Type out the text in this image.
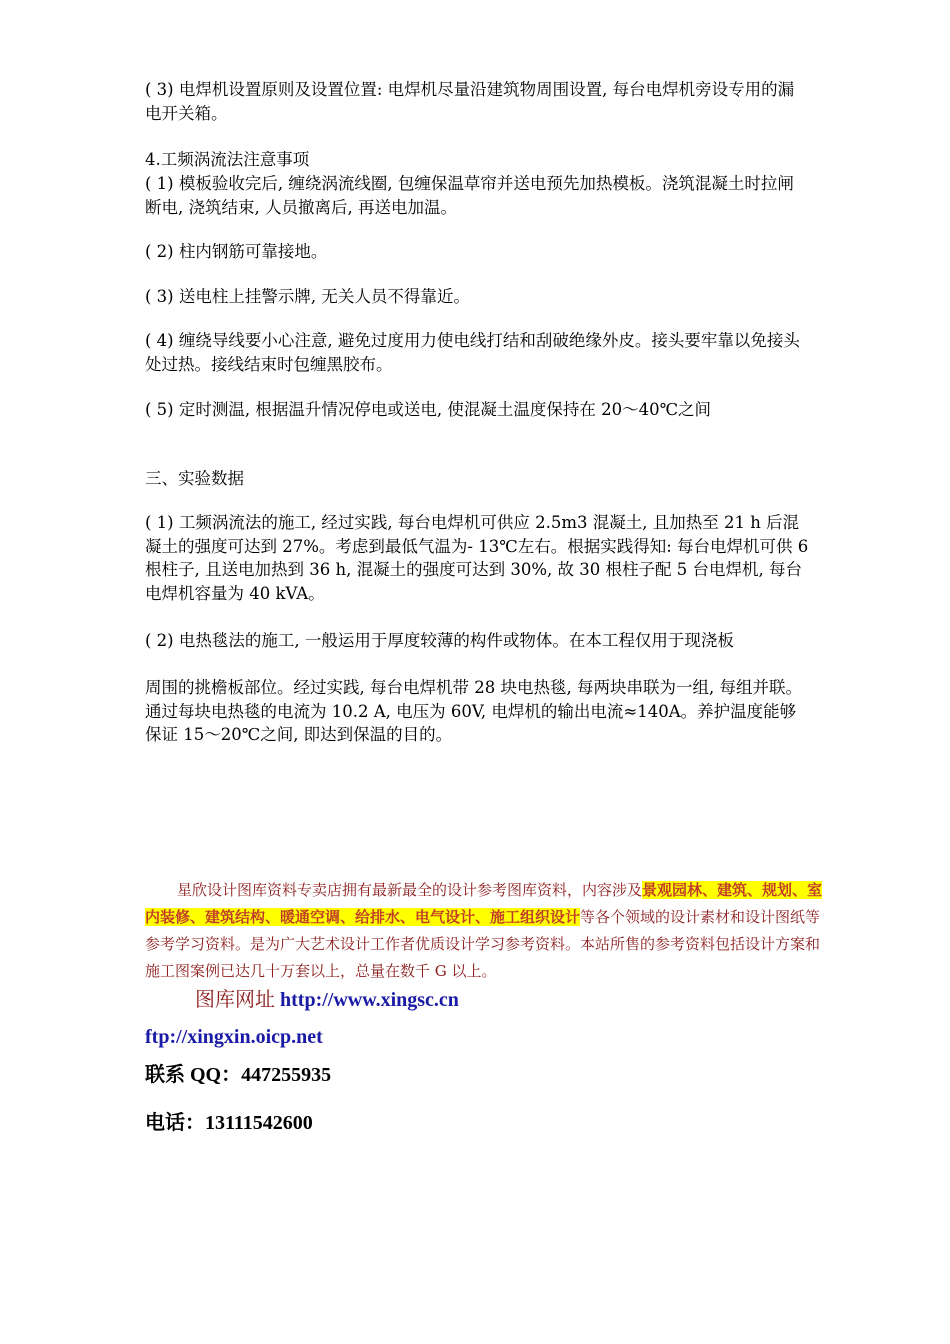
( 3) 电焊机设置原则及设置位置: 电焊机尽量沿建筑物周围设置, 每台电焊机旁设专用的漏电开关箱。

4.工频涡流法注意事项

( 1) 模板验收完后, 缠绕涡流线圈, 包缠保温草帘并送电预先加热模板。浇筑混凝土时拉闸断电, 浇筑结束, 人员撤离后, 再送电加温。

( 2) 柱内钢筋可靠接地。

( 3) 送电柱上挂警示牌, 无关人员不得靠近。

( 4) 缠绕导线要小心注意, 避免过度用力使电线打结和刮破绝缘外皮。接头要牢靠以免接头处过热。接线结束时包缠黑胶布。

( 5) 定时测温, 根据温升情况停电或送电, 使混凝土温度保持在 20～40℃之间

三、实验数据

( 1) 工频涡流法的施工, 经过实践, 每台电焊机可供应 2.5m3 混凝土, 且加热至 21 h 后混凝土的强度可达到 27%。考虑到最低气温为- 13℃左右。根据实践得知: 每台电焊机可供 6 根柱子, 且送电加热到 36 h, 混凝土的强度可达到 30%, 故 30 根柱子配 5 台电焊机, 每台电焊机容量为 40 kVA。

( 2) 电热毯法的施工, 一般运用于厚度较薄的构件或物体。在本工程仅用于现浇板

周围的挑檐板部位。经过实践, 每台电焊机带 28 块电热毯, 每两块串联为一组, 每组并联。通过每块电热毯的电流为 10.2 A, 电压为 60V, 电焊机的输出电流≈140A。养护温度能够保证 15～20℃之间, 即达到保温的目的。

星欣设计图库资料专卖店拥有最新最全的设计参考图库资料，内容涉及景观园林、建筑、规划、室内装修、建筑结构、暖通空调、给排水、电气设计、施工组织设计等各个领域的设计素材和设计图纸等参考学习资料。是为广大艺术设计工作者优质设计学习参考资料。本站所售的参考资料包括设计方案和施工图案例已达几十万套以上，总量在数千 G 以上。

图库网址 http://www.xingsc.cn

ftp://xingxin.oicp.net

联系 QQ：447255935

电话：13111542600
